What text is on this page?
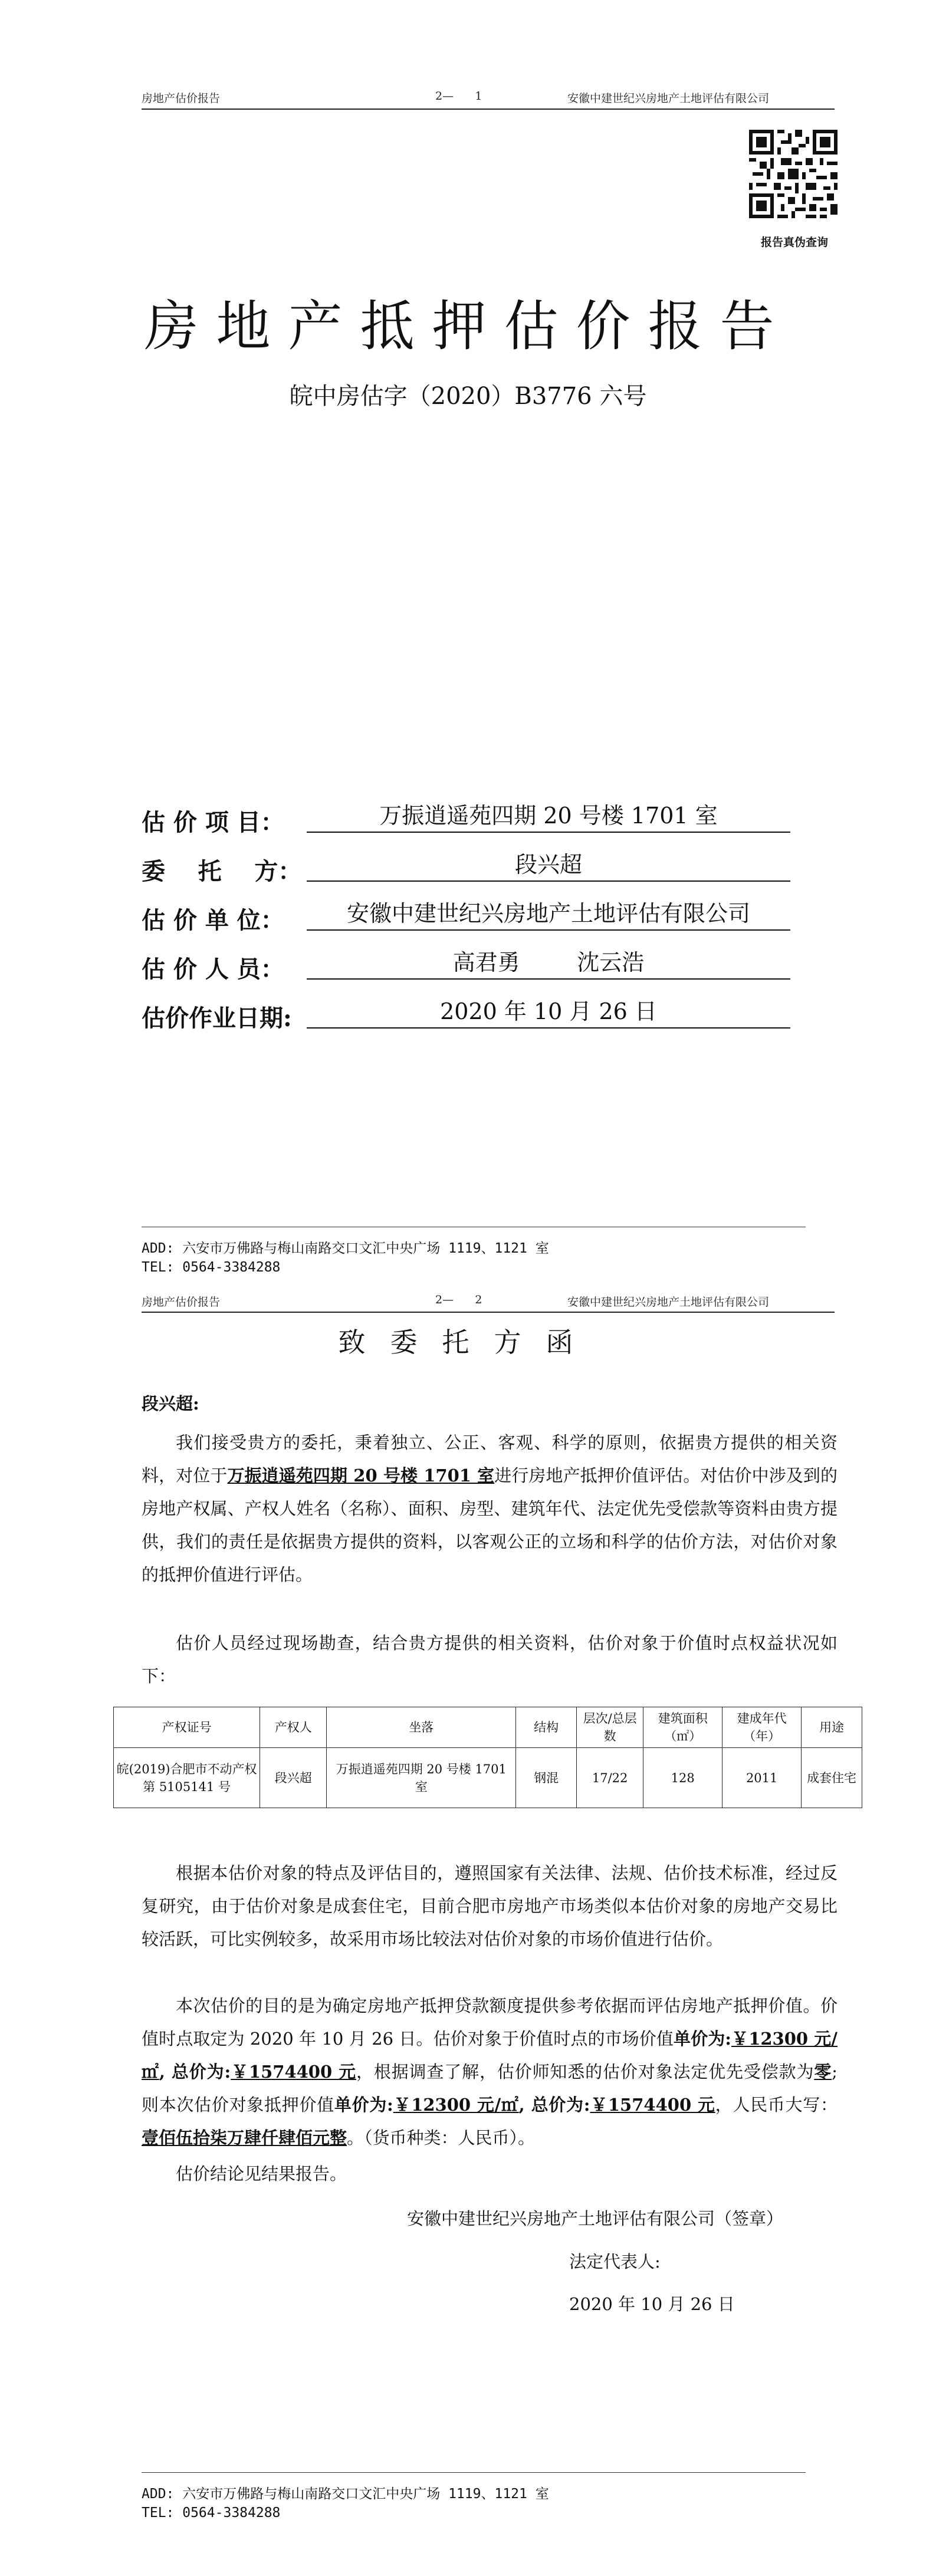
房地产估价报告	2—      1	安徽中建世纪兴房地产土地评估有限公司
报告真伪查询
房地产抵押估价报告
皖中房估字（2020）B3776 六号
估 价 项 目：	万振逍遥苑四期 20 号楼 1701 室
委    托    方：	段兴超
估 价 单 位：	安徽中建世纪兴房地产土地评估有限公司
估 价 人 员：	高君勇        沈云浩
估价作业日期:	2020 年 10 月 26 日
ADD: 六安市万佛路与梅山南路交口文汇中央广场 1119、1121 室
TEL: 0564-3384288
房地产估价报告	2—      2	安徽中建世纪兴房地产土地评估有限公司
致委托方函
段兴超:
我们接受贵方的委托，秉着独立、公正、客观、科学的原则，依据贵方提供的相关资料，对位于万振逍遥苑四期 20 号楼 1701 室进行房地产抵押价值评估。对估价中涉及到的房地产权属、产权人姓名（名称）、面积、房型、建筑年代、法定优先受偿款等资料由贵方提供，我们的责任是依据贵方提供的资料，以客观公正的立场和科学的估价方法，对估价对象的抵押价值进行评估。
估价人员经过现场勘查，结合贵方提供的相关资料，估价对象于价值时点权益状况如下：
产权证号	产权人	坐落	结构	层次/总层数	建筑面积（㎡）	建成年代（年）	用途
皖(2019)合肥市不动产权第 5105141 号	段兴超	万振逍遥苑四期 20 号楼 1701 室	钢混	17/22	128	2011	成套住宅
根据本估价对象的特点及评估目的，遵照国家有关法律、法规、估价技术标准，经过反复研究，由于估价对象是成套住宅，目前合肥市房地产市场类似本估价对象的房地产交易比较活跃，可比实例较多，故采用市场比较法对估价对象的市场价值进行估价。
本次估价的目的是为确定房地产抵押贷款额度提供参考依据而评估房地产抵押价值。价值时点取定为 2020 年 10 月 26 日。估价对象于价值时点的市场价值单价为:￥12300 元/㎡, 总价为:￥1574400 元，根据调查了解，估价师知悉的估价对象法定优先受偿款为零; 则本次估价对象抵押价值单价为:￥12300 元/㎡, 总价为:￥1574400 元，人民币大写：壹佰伍拾柒万肆仟肆佰元整。（货币种类：人民币）。
估价结论见结果报告。
安徽中建世纪兴房地产土地评估有限公司（签章）
法定代表人:
2020 年 10 月 26 日
ADD: 六安市万佛路与梅山南路交口文汇中央广场 1119、1121 室
TEL: 0564-3384288
